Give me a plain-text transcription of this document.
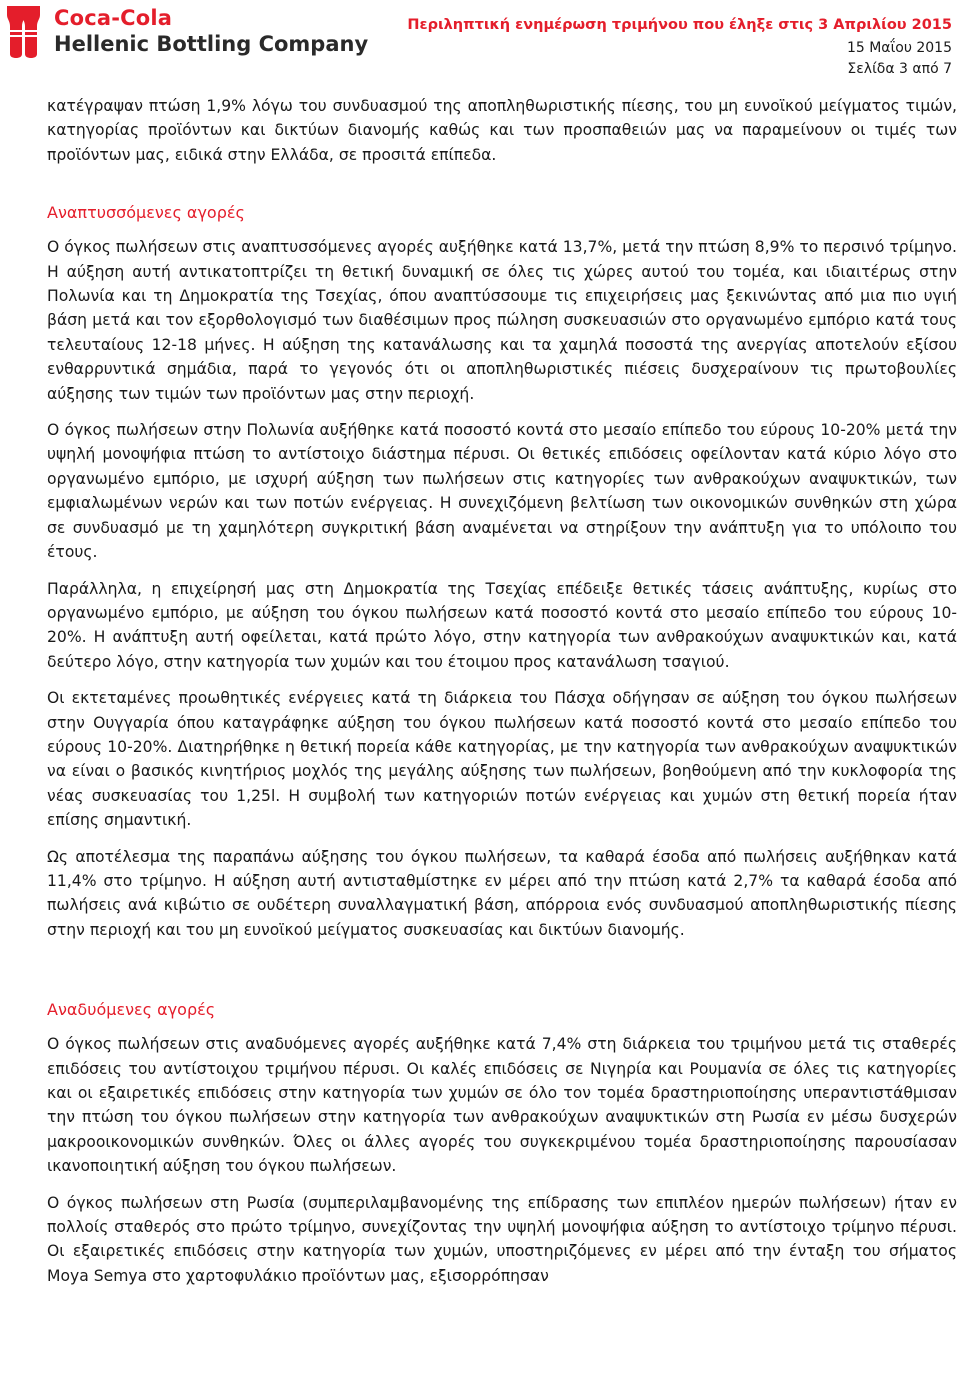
Coca-Cola
Hellenic Bottling Company
Περιληπτική ενημέρωση τριμήνου που έληξε στις 3 Απριλίου 2015
15 Μαΐου 2015
Σελίδα 3 από 7

κατέγραψαν πτώση 1,9% λόγω του συνδυασμού της αποπληθωριστικής πίεσης, του μη ευνοϊκού μείγματος τιμών, κατηγορίας προϊόντων και δικτύων διανομής καθώς και των προσπαθειών μας να παραμείνουν οι τιμές των προϊόντων μας, ειδικά στην Ελλάδα, σε προσιτά επίπεδα.

Αναπτυσσόμενες αγορές

Ο όγκος πωλήσεων στις αναπτυσσόμενες αγορές αυξήθηκε κατά 13,7%, μετά την πτώση 8,9% το περσινό τρίμηνο. Η αύξηση αυτή αντικατοπτρίζει τη θετική δυναμική σε όλες τις χώρες αυτού του τομέα, και ιδιαιτέρως στην Πολωνία και τη Δημοκρατία της Τσεχίας, όπου αναπτύσσουμε τις επιχειρήσεις μας ξεκινώντας από μια πιο υγιή βάση μετά και τον εξορθολογισμό των διαθέσιμων προς πώληση συσκευασιών στο οργανωμένο εμπόριο κατά τους τελευταίους 12-18 μήνες. Η αύξηση της κατανάλωσης και τα χαμηλά ποσοστά της ανεργίας αποτελούν εξίσου ενθαρρυντικά σημάδια, παρά το γεγονός ότι οι αποπληθωριστικές πιέσεις δυσχεραίνουν τις πρωτοβουλίες αύξησης των τιμών των προϊόντων μας στην περιοχή.

Ο όγκος πωλήσεων στην Πολωνία αυξήθηκε κατά ποσοστό κοντά στο μεσαίο επίπεδο του εύρους 10-20% μετά την υψηλή μονοψήφια πτώση το αντίστοιχο διάστημα πέρυσι. Οι θετικές επιδόσεις οφείλονταν κατά κύριο λόγο στο οργανωμένο εμπόριο, με ισχυρή αύξηση των πωλήσεων στις κατηγορίες των ανθρακούχων αναψυκτικών, των εμφιαλωμένων νερών και των ποτών ενέργειας. Η συνεχιζόμενη βελτίωση των οικονομικών συνθηκών στη χώρα σε συνδυασμό με τη χαμηλότερη συγκριτική βάση αναμένεται να στηρίξουν την ανάπτυξη για το υπόλοιπο του έτους.

Παράλληλα, η επιχείρησή μας στη Δημοκρατία της Τσεχίας επέδειξε θετικές τάσεις ανάπτυξης, κυρίως στο οργανωμένο εμπόριο, με αύξηση του όγκου πωλήσεων κατά ποσοστό κοντά στο μεσαίο επίπεδο του εύρους 10-20%. Η ανάπτυξη αυτή οφείλεται, κατά πρώτο λόγο, στην κατηγορία των ανθρακούχων αναψυκτικών και, κατά δεύτερο λόγο, στην κατηγορία των χυμών και του έτοιμου προς κατανάλωση τσαγιού.

Οι εκτεταμένες προωθητικές ενέργειες κατά τη διάρκεια του Πάσχα οδήγησαν σε αύξηση του όγκου πωλήσεων στην Ουγγαρία όπου καταγράφηκε αύξηση του όγκου πωλήσεων κατά ποσοστό κοντά στο μεσαίο επίπεδο του εύρους 10-20%. Διατηρήθηκε η θετική πορεία κάθε κατηγορίας, με την κατηγορία των ανθρακούχων αναψυκτικών να είναι ο βασικός κινητήριος μοχλός της μεγάλης αύξησης των πωλήσεων, βοηθούμενη από την κυκλοφορία της νέας συσκευασίας του 1,25l. Η συμβολή των κατηγοριών ποτών ενέργειας και χυμών στη θετική πορεία ήταν επίσης σημαντική.

Ως αποτέλεσμα της παραπάνω αύξησης του όγκου πωλήσεων, τα καθαρά έσοδα από πωλήσεις αυξήθηκαν κατά 11,4% στο τρίμηνο. Η αύξηση αυτή αντισταθμίστηκε εν μέρει από την πτώση κατά 2,7% τα καθαρά έσοδα από πωλήσεις ανά κιβώτιο σε ουδέτερη συναλλαγματική βάση, απόρροια ενός συνδυασμού αποπληθωριστικής πίεσης στην περιοχή και του μη ευνοϊκού μείγματος συσκευασίας και δικτύων διανομής.

Αναδυόμενες αγορές

Ο όγκος πωλήσεων στις αναδυόμενες αγορές αυξήθηκε κατά 7,4% στη διάρκεια του τριμήνου μετά τις σταθερές επιδόσεις του αντίστοιχου τριμήνου πέρυσι. Οι καλές επιδόσεις σε Νιγηρία και Ρουμανία σε όλες τις κατηγορίες και οι εξαιρετικές επιδόσεις στην κατηγορία των χυμών σε όλο τον τομέα δραστηριοποίησης υπεραντιστάθμισαν την πτώση του όγκου πωλήσεων στην κατηγορία των ανθρακούχων αναψυκτικών στη Ρωσία εν μέσω δυσχερών μακροοικονομικών συνθηκών. Όλες οι άλλες αγορές του συγκεκριμένου τομέα δραστηριοποίησης παρουσίασαν ικανοποιητική αύξηση του όγκου πωλήσεων.

Ο όγκος πωλήσεων στη Ρωσία (συμπεριλαμβανομένης της επίδρασης των επιπλέον ημερών πωλήσεων) ήταν εν πολλοίς σταθερός στο πρώτο τρίμηνο, συνεχίζοντας την υψηλή μονοψήφια αύξηση το αντίστοιχο τρίμηνο πέρυσι. Οι εξαιρετικές επιδόσεις στην κατηγορία των χυμών, υποστηριζόμενες εν μέρει από την ένταξη του σήματος Moya Semya στο χαρτοφυλάκιο προϊόντων μας, εξισορρόπησαν
